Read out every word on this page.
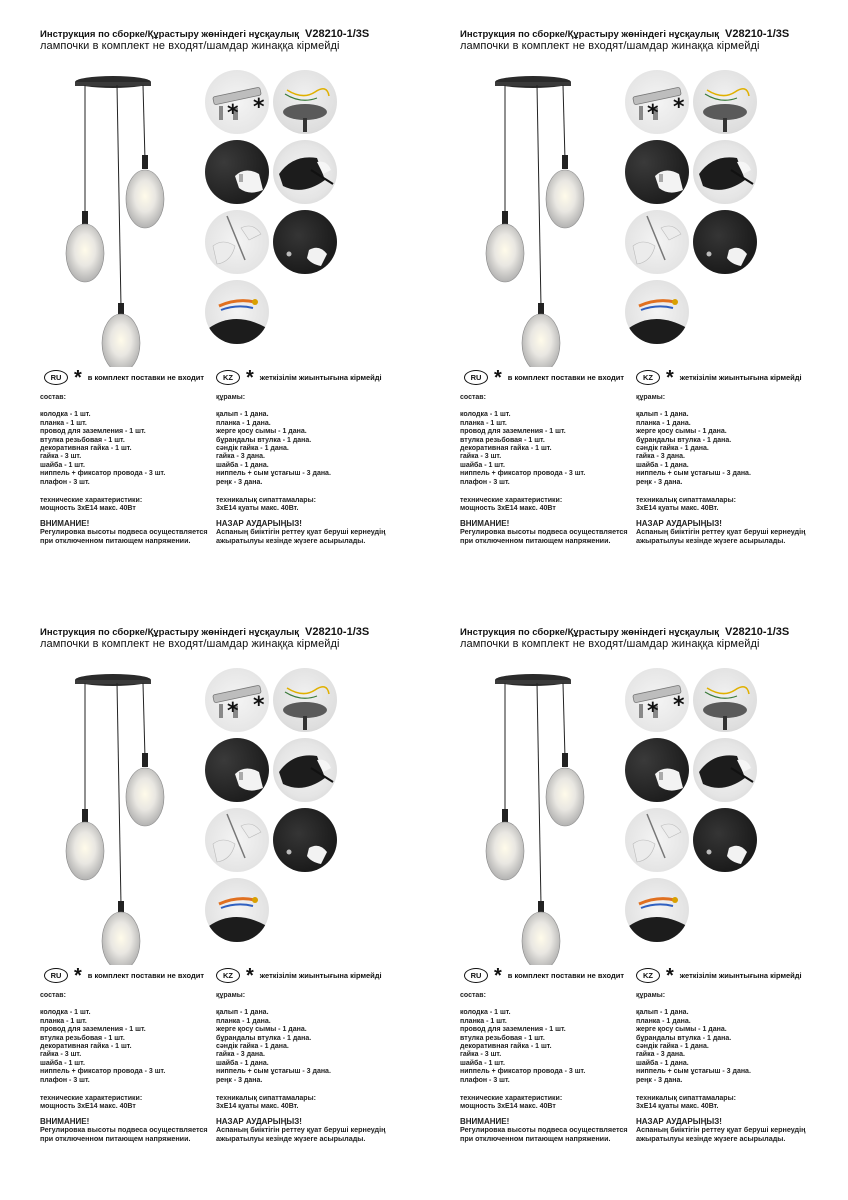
Инструкция по сборке/Құрастыру жөніндегі нұсқаулық V28210-1/3S
лампочки в комплект не входят/шамдар жинаққа кірмейді
* *
RU * в комплект поставки не входит	KZ * жеткізілім жиынтығына кірмейді
состав:
колодка - 1 шт.
планка - 1 шт.
провод для заземления - 1 шт.
втулка резьбовая - 1 шт.
декоративная гайка - 1 шт.
гайка - 3 шт.
шайба - 1 шт.
ниппель + фиксатор провода - 3 шт.
плафон - 3 шт.
технические характеристики:
мощность 3xE14 макс. 40Вт
ВНИМАНИЕ!
Регулировка высоты подвеса осуществляется
при отключенном питающем напряжении.
құрамы:
қалып - 1 дана.
планка - 1 дана.
жерге қосу сымы - 1 дана.
бұрандалы втулка - 1 дана.
сәндік гайка - 1 дана.
гайка - 3 дана.
шайба - 1 дана.
ниппель + сым ұстағыш - 3 дана.
реңк - 3 дана.
техникалық сипаттамалары:
3xE14 қуаты макс. 40Вт.
НАЗАР АУДАРЫҢЫЗ!
Аспаның биіктігін реттеу қуат беруші кернеудің
ажыратылуы кезінде жүзеге асырылады.
Инструкция по сборке/Құрастыру жөніндегі нұсқаулық V28210-1/3S
лампочки в комплект не входят/шамдар жинаққа кірмейді
* *
RU * в комплект поставки не входит	KZ * жеткізілім жиынтығына кірмейді
состав:
колодка - 1 шт.
планка - 1 шт.
провод для заземления - 1 шт.
втулка резьбовая - 1 шт.
декоративная гайка - 1 шт.
гайка - 3 шт.
шайба - 1 шт.
ниппель + фиксатор провода - 3 шт.
плафон - 3 шт.
технические характеристики:
мощность 3xE14 макс. 40Вт
ВНИМАНИЕ!
Регулировка высоты подвеса осуществляется
при отключенном питающем напряжении.
құрамы:
қалып - 1 дана.
планка - 1 дана.
жерге қосу сымы - 1 дана.
бұрандалы втулка - 1 дана.
сәндік гайка - 1 дана.
гайка - 3 дана.
шайба - 1 дана.
ниппель + сым ұстағыш - 3 дана.
реңк - 3 дана.
техникалық сипаттамалары:
3xE14 қуаты макс. 40Вт.
НАЗАР АУДАРЫҢЫЗ!
Аспаның биіктігін реттеу қуат беруші кернеудің
ажыратылуы кезінде жүзеге асырылады.
Инструкция по сборке/Құрастыру жөніндегі нұсқаулық V28210-1/3S
лампочки в комплект не входят/шамдар жинаққа кірмейді
* *
RU * в комплект поставки не входит	KZ * жеткізілім жиынтығына кірмейді
состав:
колодка - 1 шт.
планка - 1 шт.
провод для заземления - 1 шт.
втулка резьбовая - 1 шт.
декоративная гайка - 1 шт.
гайка - 3 шт.
шайба - 1 шт.
ниппель + фиксатор провода - 3 шт.
плафон - 3 шт.
технические характеристики:
мощность 3xE14 макс. 40Вт
ВНИМАНИЕ!
Регулировка высоты подвеса осуществляется
при отключенном питающем напряжении.
құрамы:
қалып - 1 дана.
планка - 1 дана.
жерге қосу сымы - 1 дана.
бұрандалы втулка - 1 дана.
сәндік гайка - 1 дана.
гайка - 3 дана.
шайба - 1 дана.
ниппель + сым ұстағыш - 3 дана.
реңк - 3 дана.
техникалық сипаттамалары:
3xE14 қуаты макс. 40Вт.
НАЗАР АУДАРЫҢЫЗ!
Аспаның биіктігін реттеу қуат беруші кернеудің
ажыратылуы кезінде жүзеге асырылады.
Инструкция по сборке/Құрастыру жөніндегі нұсқаулық V28210-1/3S
лампочки в комплект не входят/шамдар жинаққа кірмейді
* *
RU * в комплект поставки не входит	KZ * жеткізілім жиынтығына кірмейді
состав:
колодка - 1 шт.
планка - 1 шт.
провод для заземления - 1 шт.
втулка резьбовая - 1 шт.
декоративная гайка - 1 шт.
гайка - 3 шт.
шайба - 1 шт.
ниппель + фиксатор провода - 3 шт.
плафон - 3 шт.
технические характеристики:
мощность 3xE14 макс. 40Вт
ВНИМАНИЕ!
Регулировка высоты подвеса осуществляется
при отключенном питающем напряжении.
құрамы:
қалып - 1 дана.
планка - 1 дана.
жерге қосу сымы - 1 дана.
бұрандалы втулка - 1 дана.
сәндік гайка - 1 дана.
гайка - 3 дана.
шайба - 1 дана.
ниппель + сым ұстағыш - 3 дана.
реңк - 3 дана.
техникалық сипаттамалары:
3xE14 қуаты макс. 40Вт.
НАЗАР АУДАРЫҢЫЗ!
Аспаның биіктігін реттеу қуат беруші кернеудің
ажыратылуы кезінде жүзеге асырылады.
